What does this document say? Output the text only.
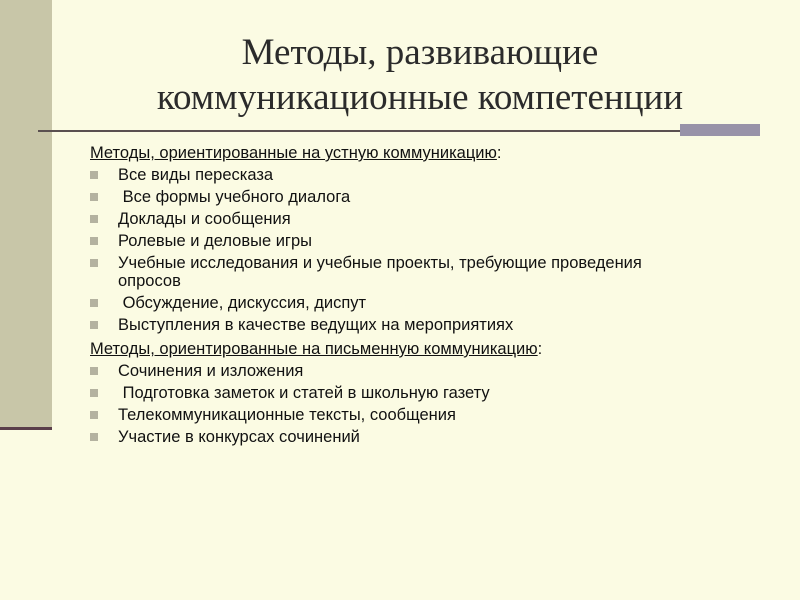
Методы, развивающие
коммуникационные компетенции
Методы, ориентированные на устную коммуникацию:
Все виды пересказа
Все формы учебного диалога
Доклады и сообщения
Ролевые и деловые игры
Учебные исследования и учебные проекты, требующие проведения опросов
Обсуждение, дискуссия, диспут
Выступления в качестве ведущих на мероприятиях
Методы, ориентированные на письменную коммуникацию:
Сочинения и изложения
Подготовка заметок и статей в школьную газету
Телекоммуникационные тексты, сообщения
Участие в конкурсах сочинений
